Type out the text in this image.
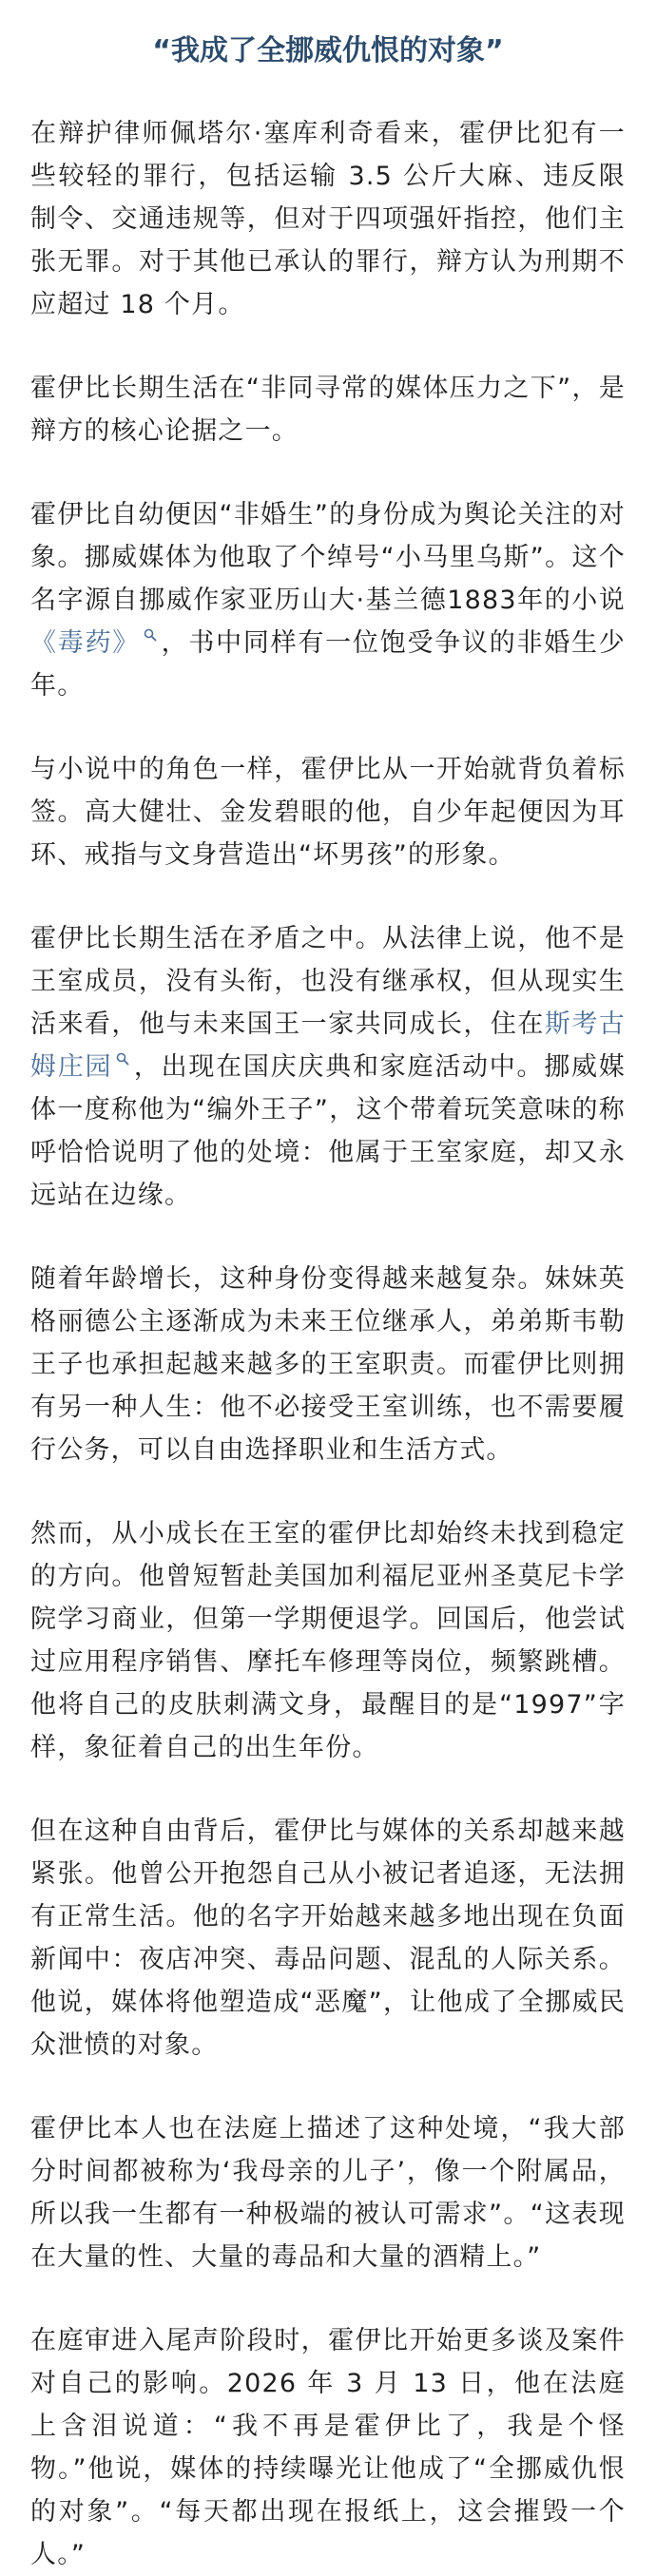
“我成了全挪威仇恨的对象”

在辩护律师佩塔尔·塞库利奇看来，霍伊比犯有一些较轻的罪行，包括运输 3.5 公斤大麻、违反限制令、交通违规等，但对于四项强奸指控，他们主张无罪。对于其他已承认的罪行，辩方认为刑期不应超过 18 个月。

霍伊比长期生活在“非同寻常的媒体压力之下”，是辩方的核心论据之一。

霍伊比自幼便因“非婚生”的身份成为舆论关注的对象。挪威媒体为他取了个绰号“小马里乌斯”。这个名字源自挪威作家亚历山大·基兰德1883年的小说《毒药》 ，书中同样有一位饱受争议的非婚生少年。

与小说中的角色一样，霍伊比从一开始就背负着标签。高大健壮、金发碧眼的他，自少年起便因为耳环、戒指与文身营造出“坏男孩”的形象。

霍伊比长期生活在矛盾之中。从法律上说，他不是王室成员，没有头衔，也没有继承权，但从现实生活来看，他与未来国王一家共同成长，住在斯考古姆庄园 ，出现在国庆庆典和家庭活动中。挪威媒体一度称他为“编外王子”，这个带着玩笑意味的称呼恰恰说明了他的处境：他属于王室家庭，却又永远站在边缘。

随着年龄增长，这种身份变得越来越复杂。妹妹英格丽德公主逐渐成为未来王位继承人，弟弟斯韦勒王子也承担起越来越多的王室职责。而霍伊比则拥有另一种人生：他不必接受王室训练，也不需要履行公务，可以自由选择职业和生活方式。

然而，从小成长在王室的霍伊比却始终未找到稳定的方向。他曾短暂赴美国加利福尼亚州圣莫尼卡学院学习商业，但第一学期便退学。回国后，他尝试过应用程序销售、摩托车修理等岗位，频繁跳槽。他将自己的皮肤刺满文身，最醒目的是“1997”字样，象征着自己的出生年份。

但在这种自由背后，霍伊比与媒体的关系却越来越紧张。他曾公开抱怨自己从小被记者追逐，无法拥有正常生活。他的名字开始越来越多地出现在负面新闻中：夜店冲突、毒品问题、混乱的人际关系。他说，媒体将他塑造成“恶魔”，让他成了全挪威民众泄愤的对象。

霍伊比本人也在法庭上描述了这种处境，“我大部分时间都被称为‘我母亲的儿子’，像一个附属品，所以我一生都有一种极端的被认可需求”。“这表现在大量的性、大量的毒品和大量的酒精上。”

在庭审进入尾声阶段时，霍伊比开始更多谈及案件对自己的影响。2026 年 3 月 13 日，他在法庭上含泪说道：“我不再是霍伊比了，我是个怪物。”他说，媒体的持续曝光让他成了“全挪威仇恨的对象”。“每天都出现在报纸上，这会摧毁一个人。”
